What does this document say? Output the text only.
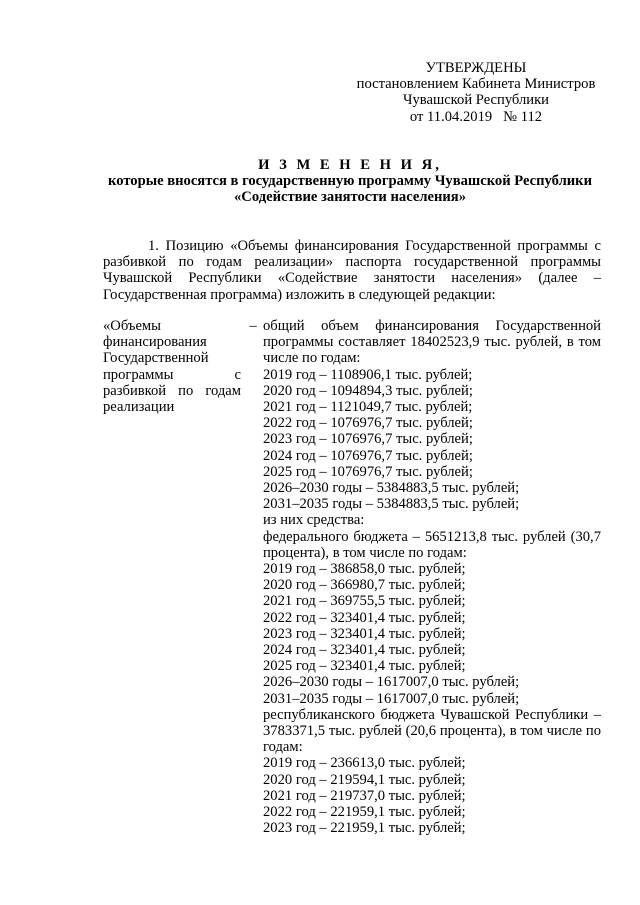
УТВЕРЖДЕНЫ
постановлением Кабинета Министров
Чувашской Республики
от 11.04.2019   № 112
И З М Е Н Е Н И Я,
которые вносятся в государственную программу Чувашской Республики
«Содействие занятости населения»
1. Позицию «Объемы финансирования Государственной программы с разбивкой по годам реализации» паспорта государственной программы Чувашской Республики «Содействие занятости населения» (далее – Государственная программа) изложить в следующей редакции:
«Объемы финансирования Государственной программы с разбивкой по годам реализации
– общий объем финансирования Государственной программы составляет 18402523,9 тыс. рублей, в том числе по годам:
2019 год – 1108906,1 тыс. рублей;
2020 год – 1094894,3 тыс. рублей;
2021 год – 1121049,7 тыс. рублей;
2022 год – 1076976,7 тыс. рублей;
2023 год – 1076976,7 тыс. рублей;
2024 год – 1076976,7 тыс. рублей;
2025 год – 1076976,7 тыс. рублей;
2026–2030 годы – 5384883,5 тыс. рублей;
2031–2035 годы – 5384883,5 тыс. рублей;
из них средства:
федерального бюджета – 5651213,8 тыс. рублей (30,7 процента), в том числе по годам:
2019 год – 386858,0 тыс. рублей;
2020 год – 366980,7 тыс. рублей;
2021 год – 369755,5 тыс. рублей;
2022 год – 323401,4 тыс. рублей;
2023 год – 323401,4 тыс. рублей;
2024 год – 323401,4 тыс. рублей;
2025 год – 323401,4 тыс. рублей;
2026–2030 годы – 1617007,0 тыс. рублей;
2031–2035 годы – 1617007,0 тыс. рублей;
республиканского бюджета Чувашской Республики – 3783371,5 тыс. рублей (20,6 процента), в том числе по годам:
2019 год – 236613,0 тыс. рублей;
2020 год – 219594,1 тыс. рублей;
2021 год – 219737,0 тыс. рублей;
2022 год – 221959,1 тыс. рублей;
2023 год – 221959,1 тыс. рублей;
